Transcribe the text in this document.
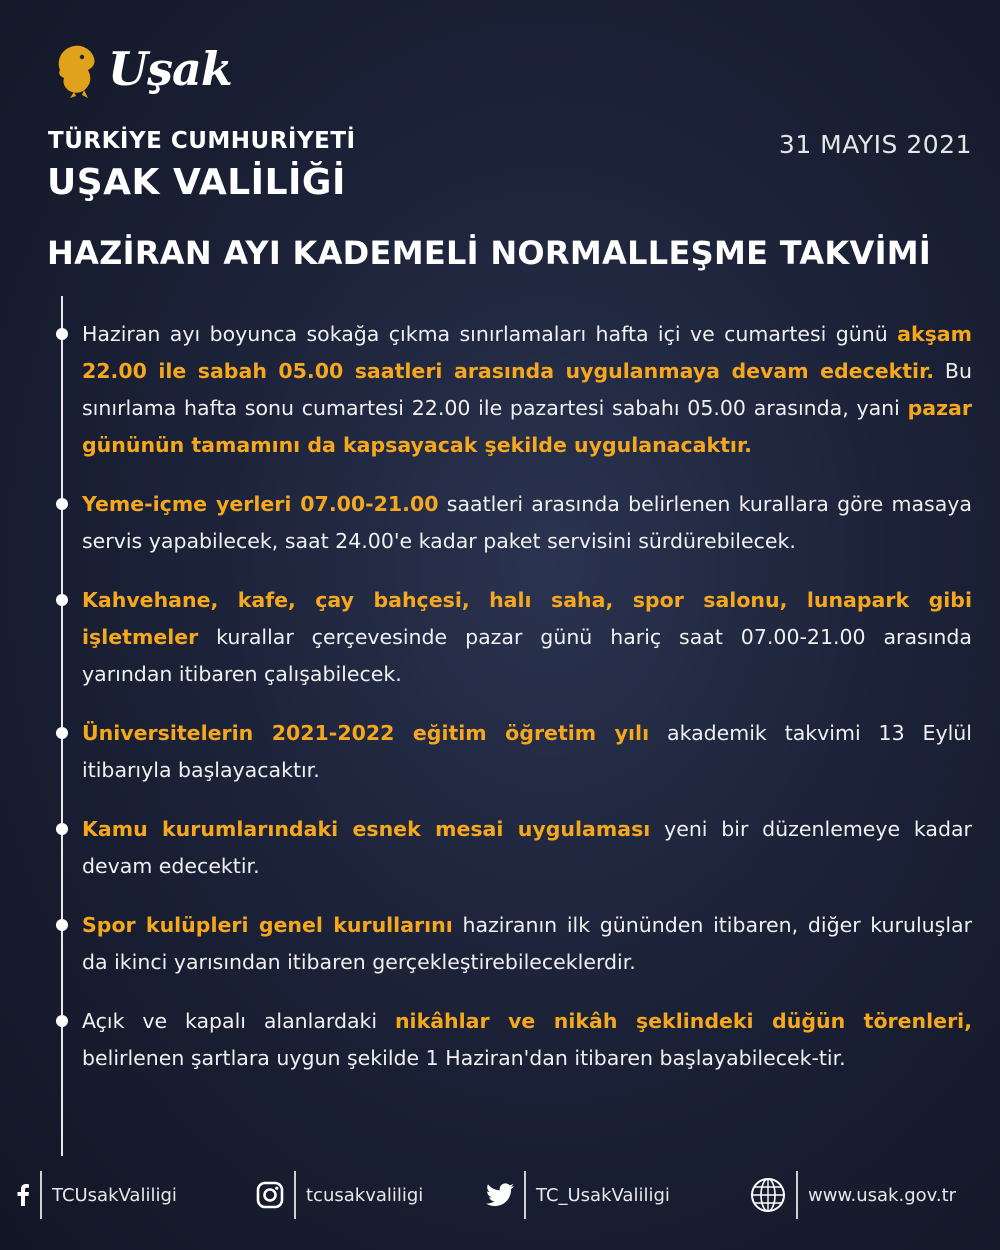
Uşak
TÜRKİYE CUMHURİYETİ
UŞAK VALİLİĞİ
31 MAYIS 2021
HAZİRAN AYI KADEMELİ NORMALLEŞME TAKVİMİ
Haziran ayı boyunca sokağa çıkma sınırlamaları hafta içi ve cumartesi günü akşam 22.00 ile sabah 05.00 saatleri arasında uygulanmaya devam edecektir. Bu sınırlama hafta sonu cumartesi 22.00 ile pazartesi sabahı 05.00 arasında, yani pazar gününün tamamını da kapsayacak şekilde uygulanacaktır.
Yeme-içme yerleri 07.00-21.00 saatleri arasında belirlenen kurallara göre masaya servis yapabilecek, saat 24.00'e kadar paket servisini sürdürebilecek.
Kahvehane, kafe, çay bahçesi, halı saha, spor salonu, lunapark gibi işletmeler kurallar çerçevesinde pazar günü hariç saat 07.00-21.00 arasında yarından itibaren çalışabilecek.
Üniversitelerin 2021-2022 eğitim öğretim yılı akademik takvimi 13 Eylül itibarıyla başlayacaktır.
Kamu kurumlarındaki esnek mesai uygulaması yeni bir düzenlemeye kadar devam edecektir.
Spor kulüpleri genel kurullarını haziranın ilk gününden itibaren, diğer kuruluşlar da ikinci yarısından itibaren gerçekleştirebileceklerdir.
Açık ve kapalı alanlardaki nikâhlar ve nikâh şeklindeki düğün törenleri, belirlenen şartlara uygun şekilde 1 Haziran'dan itibaren başlayabilecek-tir.
TCUsakValiligi	tcusakvaliligi	TC_UsakValiligi	www.usak.gov.tr
